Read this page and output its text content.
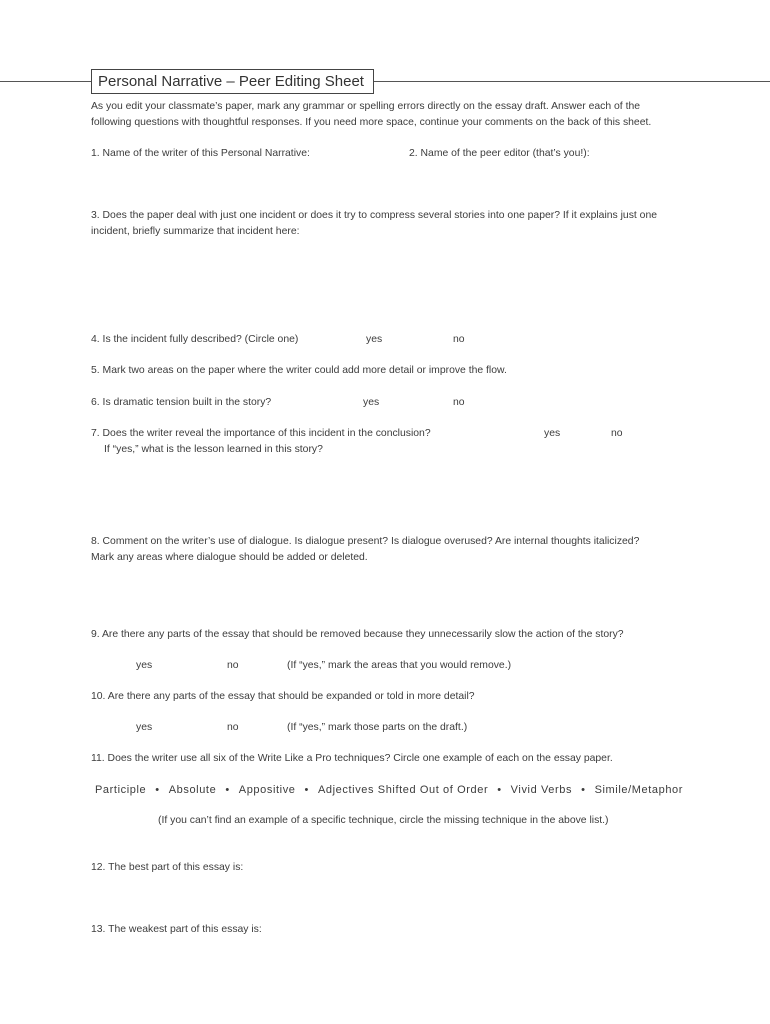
Personal Narrative – Peer Editing Sheet
As you edit your classmate’s paper, mark any grammar or spelling errors directly on the essay draft. Answer each of the
following questions with thoughtful responses. If you need more space, continue your comments on the back of this sheet.
1. Name of the writer of this Personal Narrative:	2. Name of the peer editor (that’s you!):
3. Does the paper deal with just one incident or does it try to compress several stories into one paper? If it explains just one
incident, briefly summarize that incident here:
4. Is the incident fully described? (Circle one)	yes	no
5. Mark two areas on the paper where the writer could add more detail or improve the flow.
6. Is dramatic tension built in the story?	yes	no
7. Does the writer reveal the importance of this incident in the conclusion?	yes	no
If “yes,” what is the lesson learned in this story?
8. Comment on the writer’s use of dialogue. Is dialogue present? Is dialogue overused? Are internal thoughts italicized?
Mark any areas where dialogue should be added or deleted.
9. Are there any parts of the essay that should be removed because they unnecessarily slow the action of the story?
yes	no	(If “yes,” mark the areas that you would remove.)
10. Are there any parts of the essay that should be expanded or told in more detail?
yes	no	(If “yes,” mark those parts on the draft.)
11. Does the writer use all six of the Write Like a Pro techniques? Circle one example of each on the essay paper.
Participle • Absolute • Appositive • Adjectives Shifted Out of Order • Vivid Verbs • Simile/Metaphor
(If you can’t find an example of a specific technique, circle the missing technique in the above list.)
12. The best part of this essay is:
13. The weakest part of this essay is:
